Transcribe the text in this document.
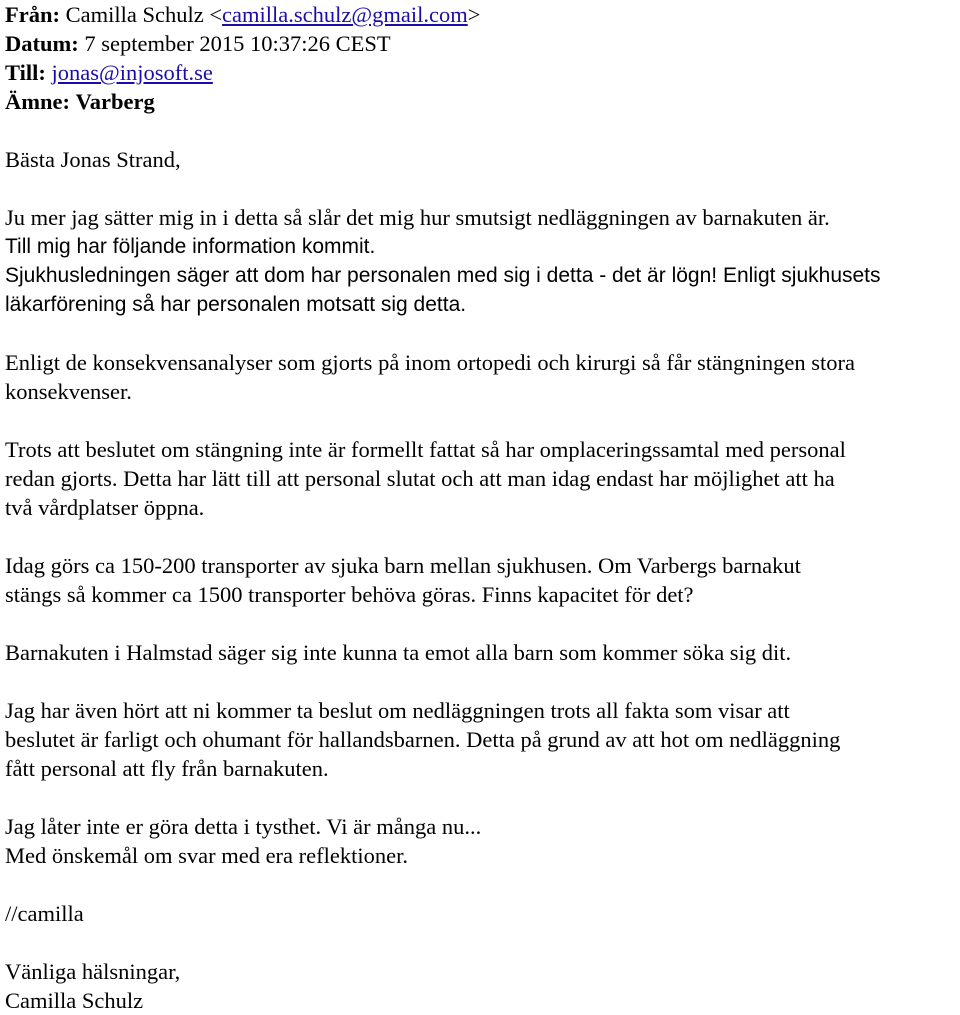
Från: Camilla Schulz <camilla.schulz@gmail.com>

Datum: 7 september 2015 10:37:26 CEST

Till: jonas@injosoft.se

Ämne: Varberg

Bästa Jonas Strand,

Ju mer jag sätter mig in i detta så slår det mig hur smutsigt nedläggningen av barnakuten är.
Till mig har följande information kommit.
Sjukhusledningen säger att dom har personalen med sig i detta - det är lögn! Enligt sjukhusets
läkarförening så har personalen motsatt sig detta.

Enligt de konsekvensanalyser som gjorts på inom ortopedi och kirurgi så får stängningen stora
konsekvenser.

Trots att beslutet om stängning inte är formellt fattat så har omplaceringssamtal med personal
redan gjorts. Detta har lätt till att personal slutat och att man idag endast har möjlighet att ha
två vårdplatser öppna.

Idag görs ca 150-200 transporter av sjuka barn mellan sjukhusen. Om Varbergs barnakut
stängs så kommer ca 1500 transporter behöva göras. Finns kapacitet för det?

Barnakuten i Halmstad säger sig inte kunna ta emot alla barn som kommer söka sig dit.

Jag har även hört att ni kommer ta beslut om nedläggningen trots all fakta som visar att
beslutet är farligt och ohumant för hallandsbarnen. Detta på grund av att hot om nedläggning
fått personal att fly från barnakuten.

Jag låter inte er göra detta i tysthet. Vi är många nu...
Med önskemål om svar med era reflektioner.

//camilla

Vänliga hälsningar,
Camilla Schulz
